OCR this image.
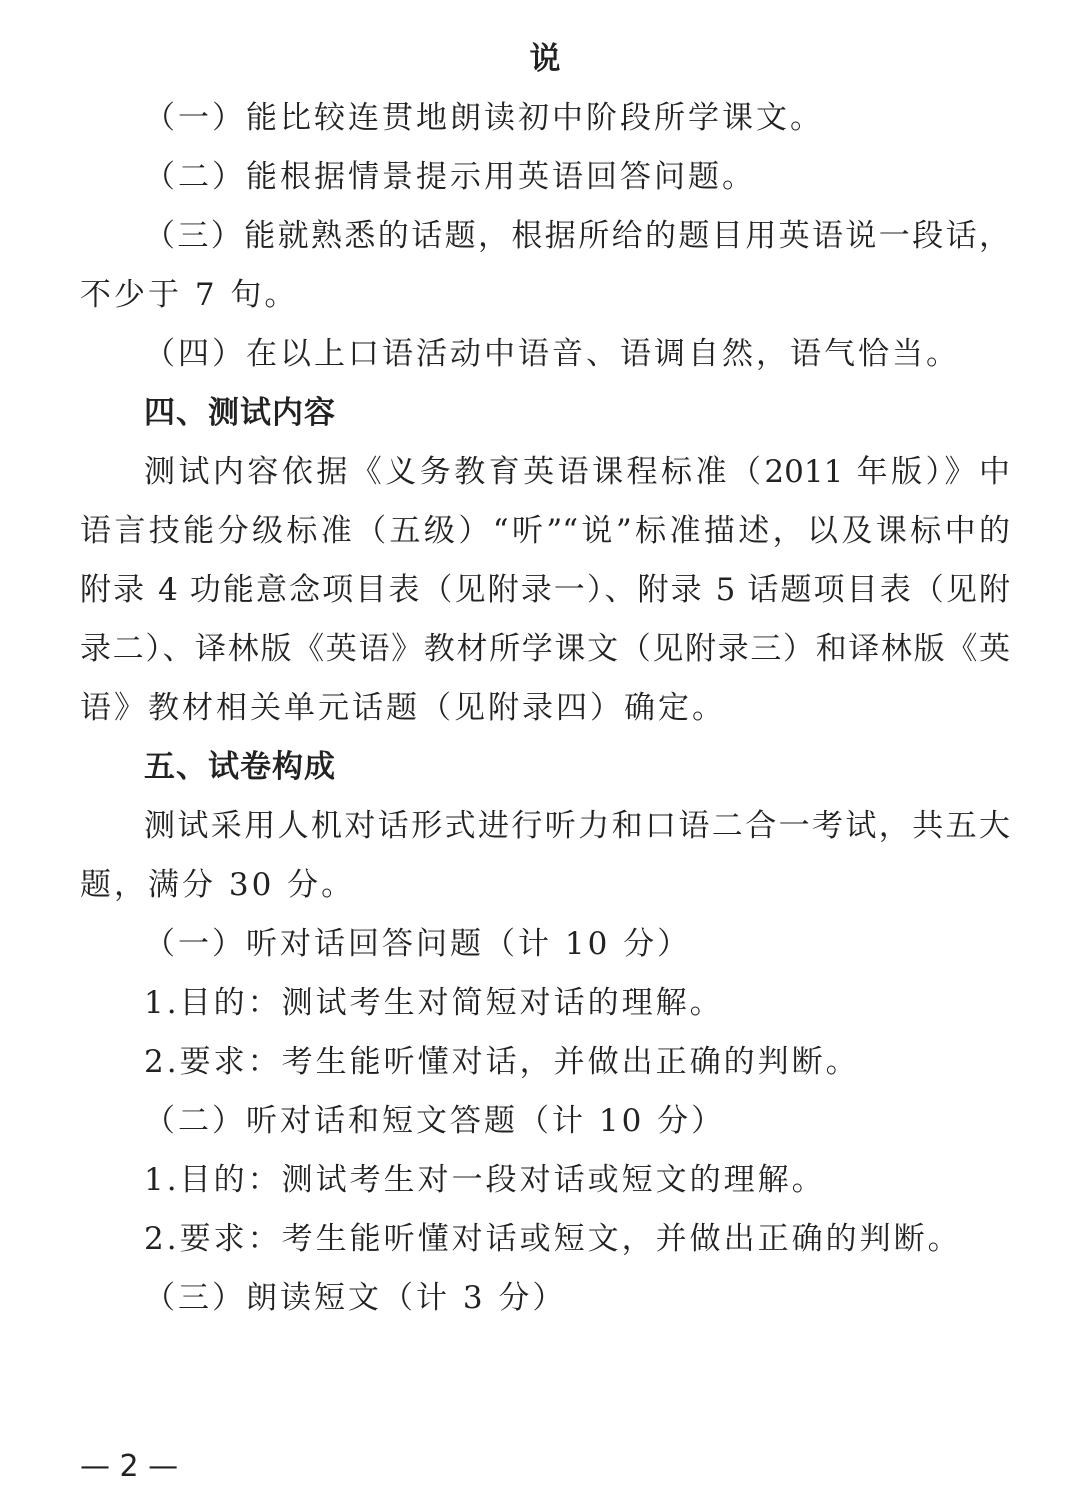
说
（一）能比较连贯地朗读初中阶段所学课文。
（二）能根据情景提示用英语回答问题。
（三）能就熟悉的话题，根据所给的题目用英语说一段话，
不少于 7 句。
（四）在以上口语活动中语音、语调自然，语气恰当。
四、测试内容
测试内容依据《义务教育英语课程标准（2011 年版）》中
语言技能分级标准（五级）“听”“说”标准描述，以及课标中的
附录 4 功能意念项目表（见附录一）、附录 5 话题项目表（见附
录二）、译林版《英语》教材所学课文（见附录三）和译林版《英
语》教材相关单元话题（见附录四）确定。
五、试卷构成
测试采用人机对话形式进行听力和口语二合一考试，共五大
题，满分 30 分。
（一）听对话回答问题（计 10 分）
1.目的：测试考生对简短对话的理解。
2.要求：考生能听懂对话，并做出正确的判断。
（二）听对话和短文答题（计 10 分）
1.目的：测试考生对一段对话或短文的理解。
2.要求：考生能听懂对话或短文，并做出正确的判断。
（三）朗读短文（计 3 分）
— 2 —
